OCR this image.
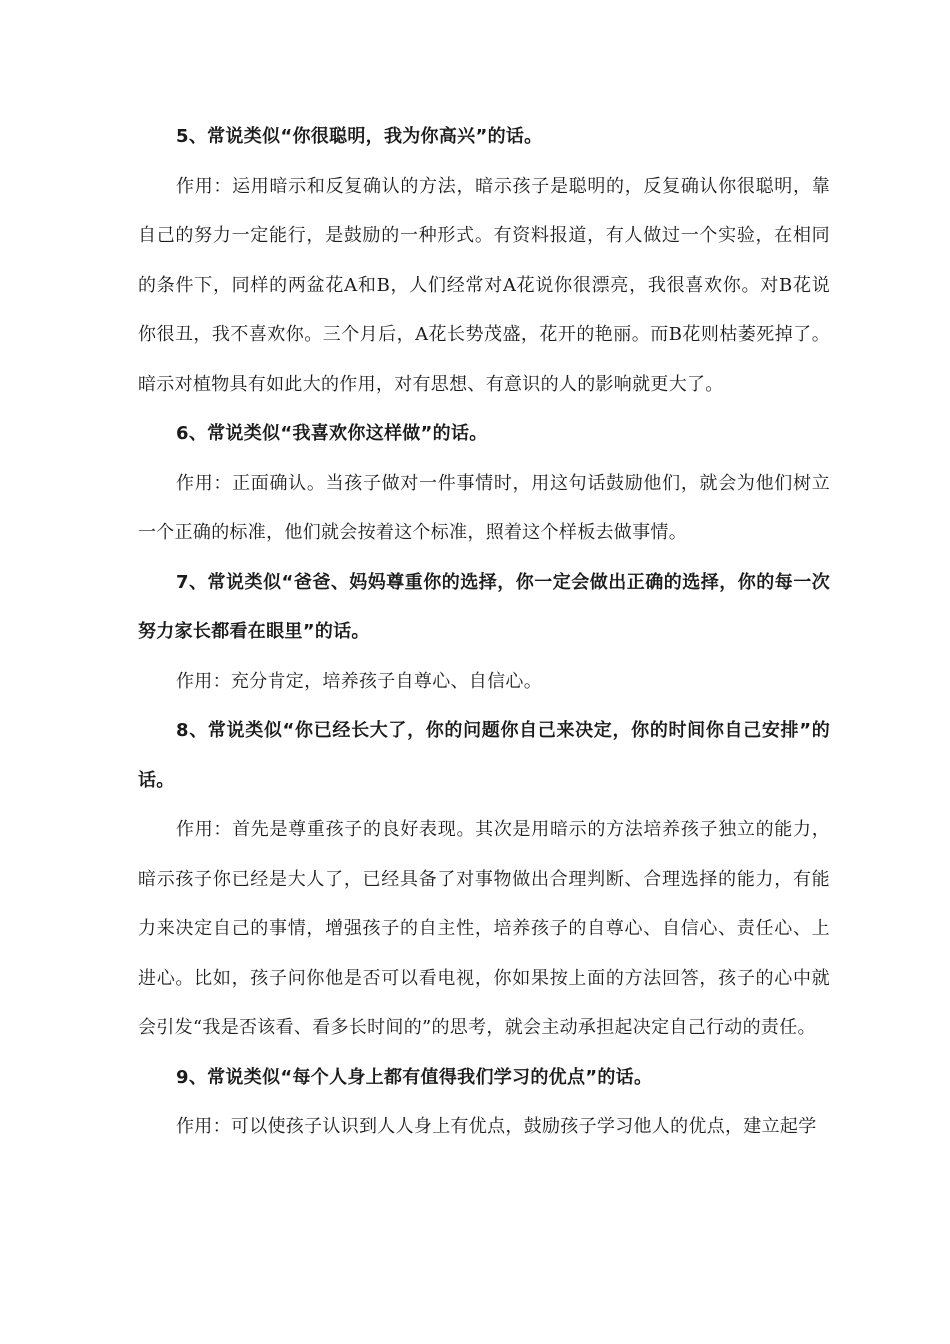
5、常说类似“你很聪明，我为你高兴”的话。

作用：运用暗示和反复确认的方法，暗示孩子是聪明的，反复确认你很聪明，靠自己的努力一定能行，是鼓励的一种形式。有资料报道，有人做过一个实验，在相同的条件下，同样的两盆花A和B，人们经常对A花说你很漂亮，我很喜欢你。对B花说你很丑，我不喜欢你。三个月后，A花长势茂盛，花开的艳丽。而B花则枯萎死掉了。暗示对植物具有如此大的作用，对有思想、有意识的人的影响就更大了。

6、常说类似“我喜欢你这样做”的话。

作用：正面确认。当孩子做对一件事情时，用这句话鼓励他们，就会为他们树立一个正确的标准，他们就会按着这个标准，照着这个样板去做事情。

7、常说类似“爸爸、妈妈尊重你的选择，你一定会做出正确的选择，你的每一次努力家长都看在眼里”的话。

作用：充分肯定，培养孩子自尊心、自信心。

8、常说类似“你已经长大了，你的问题你自己来决定，你的时间你自己安排”的话。

作用：首先是尊重孩子的良好表现。其次是用暗示的方法培养孩子独立的能力，暗示孩子你已经是大人了，已经具备了对事物做出合理判断、合理选择的能力，有能力来决定自己的事情，增强孩子的自主性，培养孩子的自尊心、自信心、责任心、上进心。比如，孩子问你他是否可以看电视，你如果按上面的方法回答，孩子的心中就会引发“我是否该看、看多长时间的”的思考，就会主动承担起决定自己行动的责任。

9、常说类似“每个人身上都有值得我们学习的优点”的话。

作用：可以使孩子认识到人人身上有优点，鼓励孩子学习他人的优点，建立起学
